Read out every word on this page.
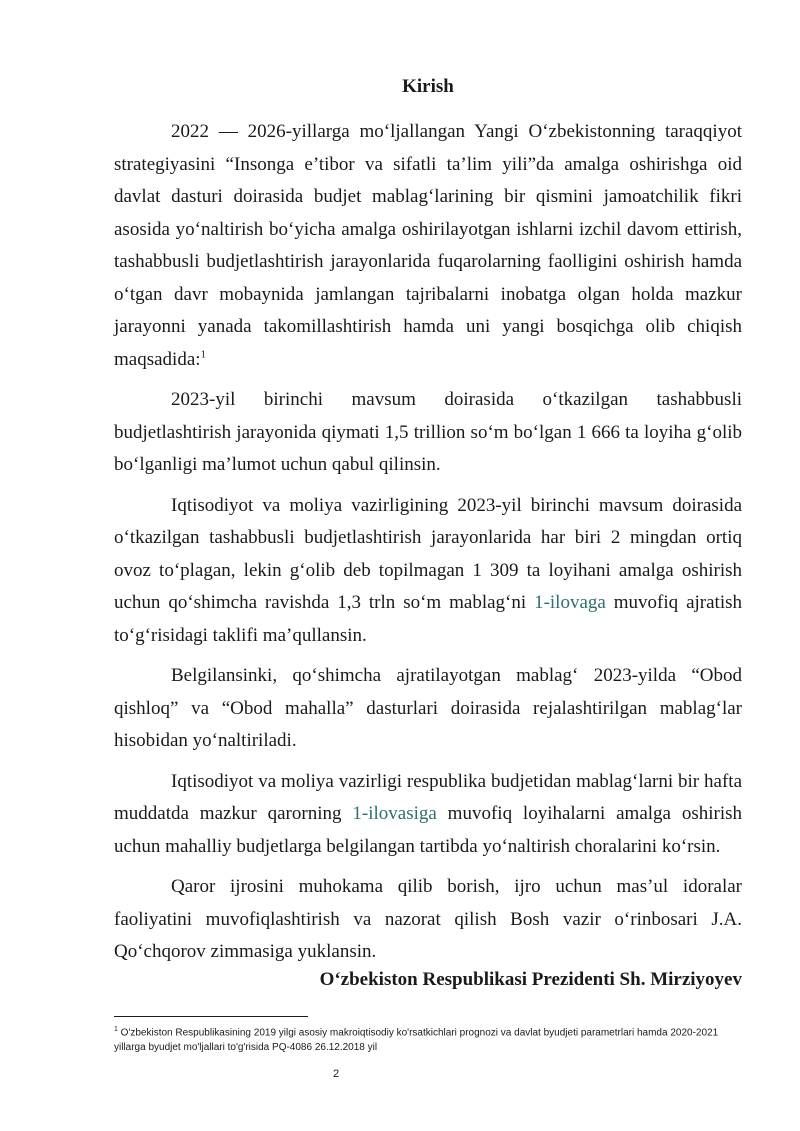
Kirish

2022 — 2026-yillarga mo‘ljallangan Yangi O‘zbekistonning taraqqiyot strategiyasini “Insonga e’tibor va sifatli ta’lim yili”da amalga oshirishga oid davlat dasturi doirasida budjet mablag‘larining bir qismini jamoatchilik fikri asosida yo‘naltirish bo‘yicha amalga oshirilayotgan ishlarni izchil davom ettirish, tashabbusli budjetlashtirish jarayonlarida fuqarolarning faolligini oshirish hamda o‘tgan davr mobaynida jamlangan tajribalarni inobatga olgan holda mazkur jarayonni yanada takomillashtirish hamda uni yangi bosqichga olib chiqish maqsadida:$^1$

2023-yil birinchi mavsum doirasida o‘tkazilgan tashabbusli budjetlashtirish jarayonida qiymati 1,5 trillion so‘m bo‘lgan 1 666 ta loyiha g‘olib bo‘lganligi ma’lumot uchun qabul qilinsin.

Iqtisodiyot va moliya vazirligining 2023-yil birinchi mavsum doirasida o‘tkazilgan tashabbusli budjetlashtirish jarayonlarida har biri 2 mingdan ortiq ovoz to‘plagan, lekin g‘olib deb topilmagan 1 309 ta loyihani amalga oshirish uchun qo‘shimcha ravishda 1,3 trln so‘m mablag‘ni 1-ilovaga muvofiq ajratish to‘g‘risidagi taklifi ma’qullansin.

Belgilansinki, qo‘shimcha ajratilayotgan mablag‘ 2023-yilda “Obod qishloq” va “Obod mahalla” dasturlari doirasida rejalashtirilgan mablag‘lar hisobidan yo‘naltiriladi.

Iqtisodiyot va moliya vazirligi respublika budjetidan mablag‘larni bir hafta muddatda mazkur qarorning 1-ilovasiga muvofiq loyihalarni amalga oshirish uchun mahalliy budjetlarga belgilangan tartibda yo‘naltirish choralarini ko‘rsin.

Qaror ijrosini muhokama qilib borish, ijro uchun mas’ul idoralar faoliyatini muvofiqlashtirish va nazorat qilish Bosh vazir o‘rinbosari J.A. Qo‘chqorov zimmasiga yuklansin.

O‘zbekiston Respublikasi Prezidenti Sh. Mirziyoyev
$^1$ O'zbekiston Respublikasining 2019 yilgi asosiy makroiqtisodiy ko'rsatkichlari prognozi va davlat byudjeti parametrlari hamda 2020-2021 yillarga byudjet mo'ljallari to'g'risida PQ-4086 26.12.2018 yil
2
